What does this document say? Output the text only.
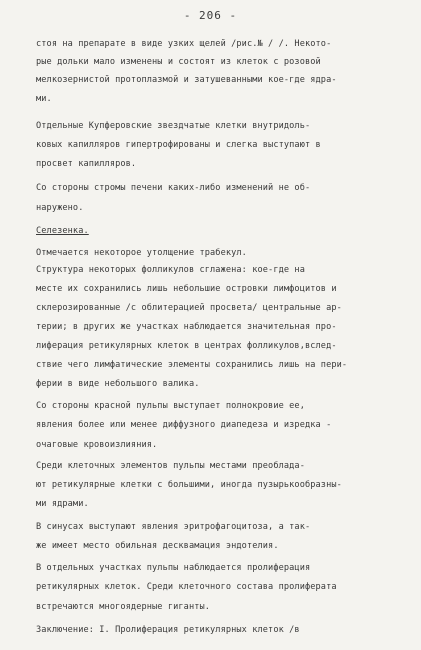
- 206 -
стоя на препарате в виде узких щелей /рис.№ / /. Некото-
рые дольки мало изменены и состоят из клеток с розовой
мелкозернистой протоплазмой и затушеванными кое-где ядра-
ми.
Отдельные Купферовские звездчатые клетки внутридоль-
ковых капилляров гипертрофированы и слегка выступают в
просвет капилляров.
Со стороны стромы печени каких-либо изменений не об-
наружено.
Селезенка.
Отмечается некоторое утолщение трабекул.
Структура некоторых фолликулов сглажена: кое-где на
месте их сохранились лишь небольшие островки лимфоцитов и
склерозированные /с облитерацией просвета/ центральные ар-
терии; в других же участках наблюдается значительная про-
лиферация ретикулярных клеток в центрах фолликулов,вслед-
ствие чего лимфатические элементы сохранились лишь на пери-
ферии в виде небольшого валика.
Со стороны красной пульпы выступает полнокровие ее,
явления более или менее диффузного диапедеза и изредка -
очаговые кровоизлияния.
Среди клеточных элементов пульпы местами преоблада-
ют ретикулярные клетки с большими, иногда пузырькообразны-
ми ядрами.
В синусах выступают явления эритрофагоцитоза, а так-
же имеет место обильная десквамация эндотелия.
В отдельных участках пульпы наблюдается пролиферация
ретикулярных клеток. Среди клеточного состава пролиферата
встречаются многоядерные гиганты.
Заключение: I. Пролиферация ретикулярных клеток /в
